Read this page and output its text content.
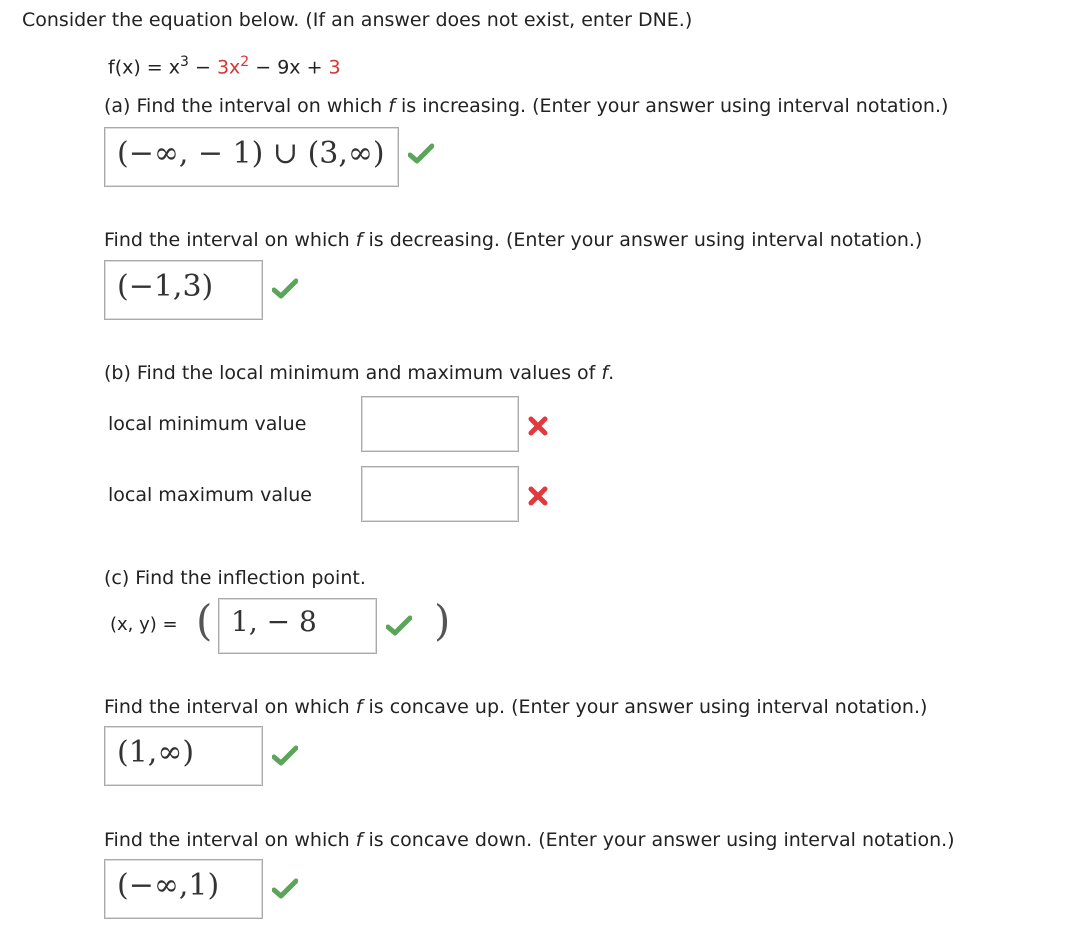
Consider the equation below. (If an answer does not exist, enter DNE.)
$f(x) = x^3 - 3x^2 - 9x + 3$
(a) Find the interval on which f is increasing. (Enter your answer using interval notation.)
(−∞, − 1) ∪ (3,∞)
Find the interval on which f is decreasing. (Enter your answer using interval notation.)
(−1,3)
(b) Find the local minimum and maximum values of f.
local minimum value
local maximum value
(c) Find the inflection point.
(x, y) = ( 1, − 8	)
Find the interval on which f is concave up. (Enter your answer using interval notation.)
(1,∞)
Find the interval on which f is concave down. (Enter your answer using interval notation.)
(−∞,1)
